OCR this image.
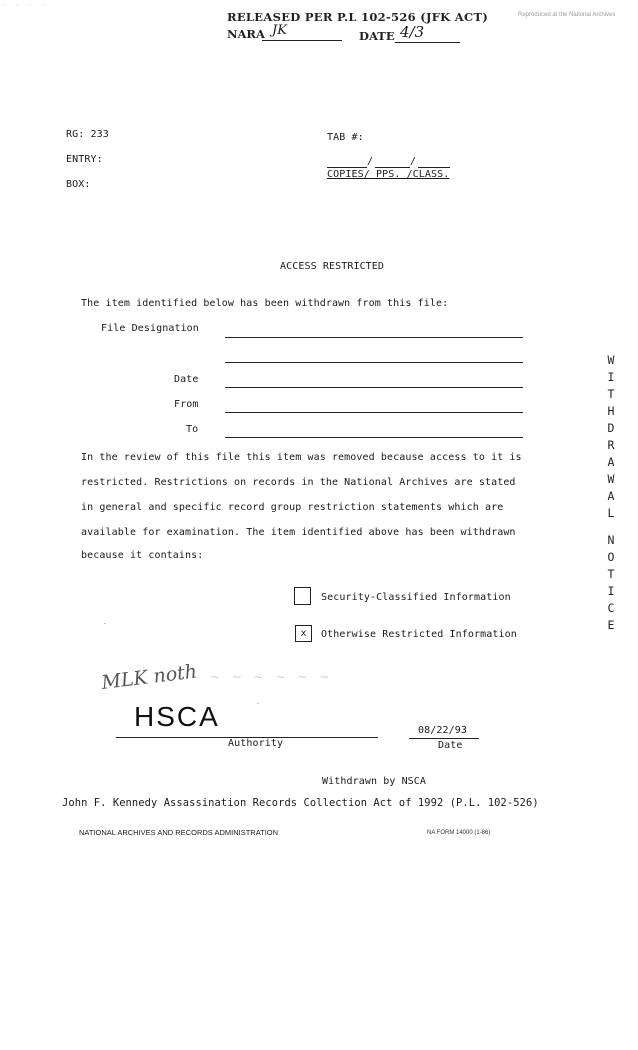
· · · ·
RELEASED PER P.L 102-526 (JFK ACT)
NARA JK	DATE 4/3
Reproduced at the National Archives
RG: 233
ENTRY:
BOX:
TAB #:
/	/
COPIES/ PPS. /CLASS.
ACCESS RESTRICTED
The item identified below has been withdrawn from this file:
File Designation
Date
From
To
In the review of this file this item was removed because access to it is
restricted. Restrictions on records in the National Archives are stated
in general and specific record group restriction statements which are
available for examination. The item identified above has been withdrawn
because it contains:
Security-Classified Information
x	Otherwise Restricted Information
-
-
MLK noth ~ ~ ~ ~ ~ ~
HSCA
Authority
08/22/93
Date
Withdrawn by NSCA
John F. Kennedy Assassination Records Collection Act of 1992 (P.L. 102-526)
NATIONAL ARCHIVES AND RECORDS ADMINISTRATION	NA FORM 14000 (1-86)
W
I
T
H
D
R
A
W
A
L

N
O
T
I
C
E
